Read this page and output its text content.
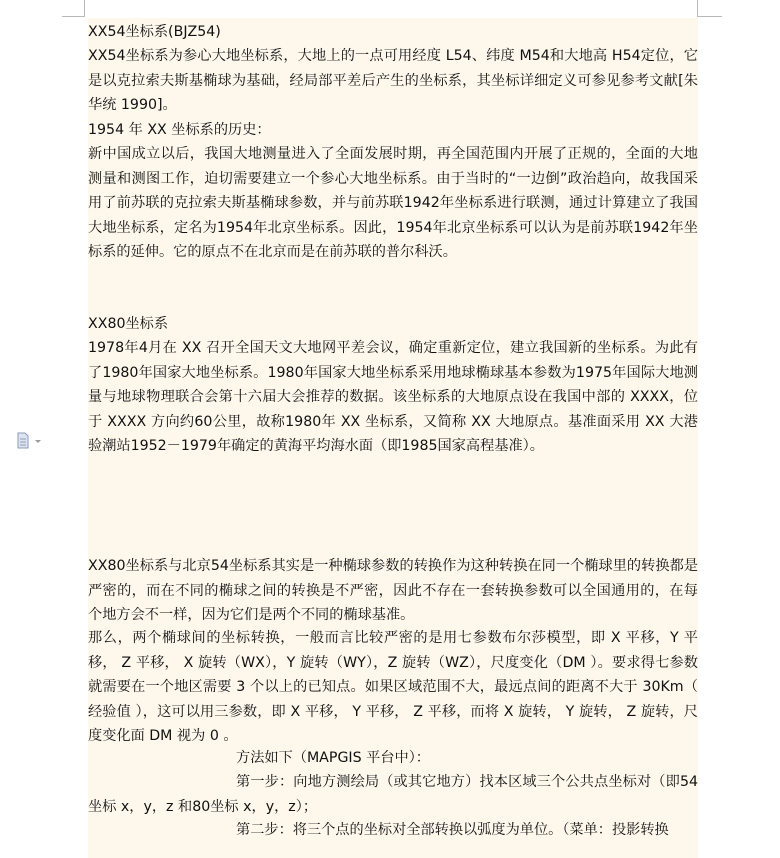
XX54坐标系(BJZ54)

XX54坐标系为参心大地坐标系，大地上的一点可用经度 L54、纬度 M54和大地高 H54定位，它是以克拉索夫斯基椭球为基础，经局部平差后产生的坐标系，其坐标详细定义可参见参考文献[朱华统 1990]。

1954 年 XX 坐标系的历史：

新中国成立以后，我国大地测量进入了全面发展时期，再全国范围内开展了正规的，全面的大地测量和测图工作，迫切需要建立一个参心大地坐标系。由于当时的“一边倒”政治趋向，故我国采用了前苏联的克拉索夫斯基椭球参数，并与前苏联1942年坐标系进行联测，通过计算建立了我国大地坐标系，定名为1954年北京坐标系。因此，1954年北京坐标系可以认为是前苏联1942年坐标系的延伸。它的原点不在北京而是在前苏联的普尔科沃。

XX80坐标系

1978年4月在 XX 召开全国天文大地网平差会议，确定重新定位，建立我国新的坐标系。为此有了1980年国家大地坐标系。1980年国家大地坐标系采用地球椭球基本参数为1975年国际大地测量与地球物理联合会第十六届大会推荐的数据。该坐标系的大地原点设在我国中部的 XXXX，位于 XXXX 方向约60公里，故称1980年 XX 坐标系，又简称 XX 大地原点。基准面采用 XX 大港验潮站1952－1979年确定的黄海平均海水面（即1985国家高程基准）。

XX80坐标系与北京54坐标系其实是一种椭球参数的转换作为这种转换在同一个椭球里的转换都是严密的，而在不同的椭球之间的转换是不严密，因此不存在一套转换参数可以全国通用的，在每个地方会不一样，因为它们是两个不同的椭球基准。

那么，两个椭球间的坐标转换，一般而言比较严密的是用七参数布尔莎模型，即 X 平移，Y 平移， Z 平移， X 旋转（WX），Y 旋转（WY），Z 旋转（WZ），尺度变化（DM ）。要求得七参数就需要在一个地区需要 3 个以上的已知点。如果区域范围不大，最远点间的距离不大于 30Km（ 经验值 ），这可以用三参数，即 X 平移， Y 平移， Z 平移，而将 X 旋转， Y 旋转， Z 旋转，尺度变化面 DM 视为 0 。

方法如下（MAPGIS 平台中）：

第一步：向地方测绘局（或其它地方）找本区域三个公共点坐标对（即54坐标 x，y，z 和80坐标 x，y，z）；

第二步：将三个点的坐标对全部转换以弧度为单位。（菜单：投影转换
